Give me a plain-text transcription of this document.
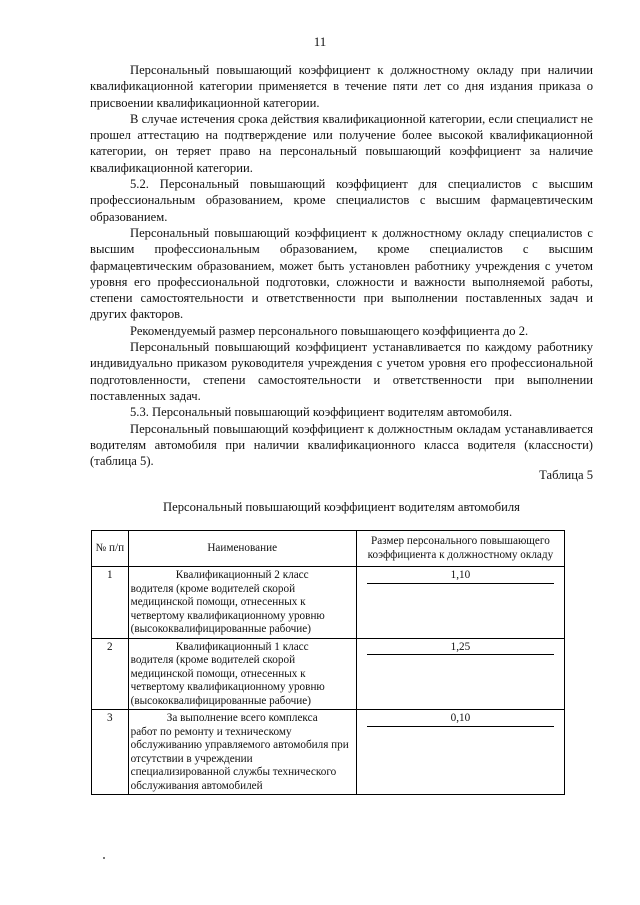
11

Персональный повышающий коэффициент к должностному окладу при наличии квалификационной категории применяется в течение пяти лет со дня издания приказа о присвоении квалификационной категории.

В случае истечения срока действия квалификационной категории, если специалист не прошел аттестацию на подтверждение или получение более высокой квалификационной категории, он теряет право на персональный повышающий коэффициент за наличие квалификационной категории.

5.2. Персональный повышающий коэффициент для специалистов с высшим профессиональным образованием, кроме специалистов с высшим фармацевтическим образованием.

Персональный повышающий коэффициент к должностному окладу специалистов с высшим профессиональным образованием, кроме специалистов с высшим фармацевтическим образованием, может быть установлен работнику учреждения с учетом уровня его профессиональной подготовки, сложности и важности выполняемой работы, степени самостоятельности и ответственности при выполнении поставленных задач и других факторов.

Рекомендуемый размер персонального повышающего коэффициента до 2.

Персональный повышающий коэффициент устанавливается по каждому работнику индивидуально приказом руководителя учреждения с учетом уровня его профессиональной подготовленности, степени самостоятельности и ответственности при выполнении поставленных задач.

5.3. Персональный повышающий коэффициент водителям автомобиля.

Персональный повышающий коэффициент к должностным окладам устанавливается водителям автомобиля при наличии квалификационного класса водителя (классности) (таблица 5).

Таблица 5
Персональный повышающий коэффициент водителям автомобиля
№ п/п	Наименование	Размер персонального повышающего коэффициента к должностному окладу
1	Квалификационный 2 класс
водителя (кроме водителей скорой медицинской помощи, отнесенных к четвертому квалификационному уровню (высококвалифицированные рабочие)	1,10

2	Квалификационный 1 класс
водителя (кроме водителей скорой медицинской помощи, отнесенных к четвертому квалификационному уровню (высококвалифицированные рабочие)	1,25

3	За выполнение всего комплекса
работ по ремонту и техническому обслуживанию управляемого автомобиля при отсутствии в учреждении специализированной службы технического обслуживания автомобилей	0,10
